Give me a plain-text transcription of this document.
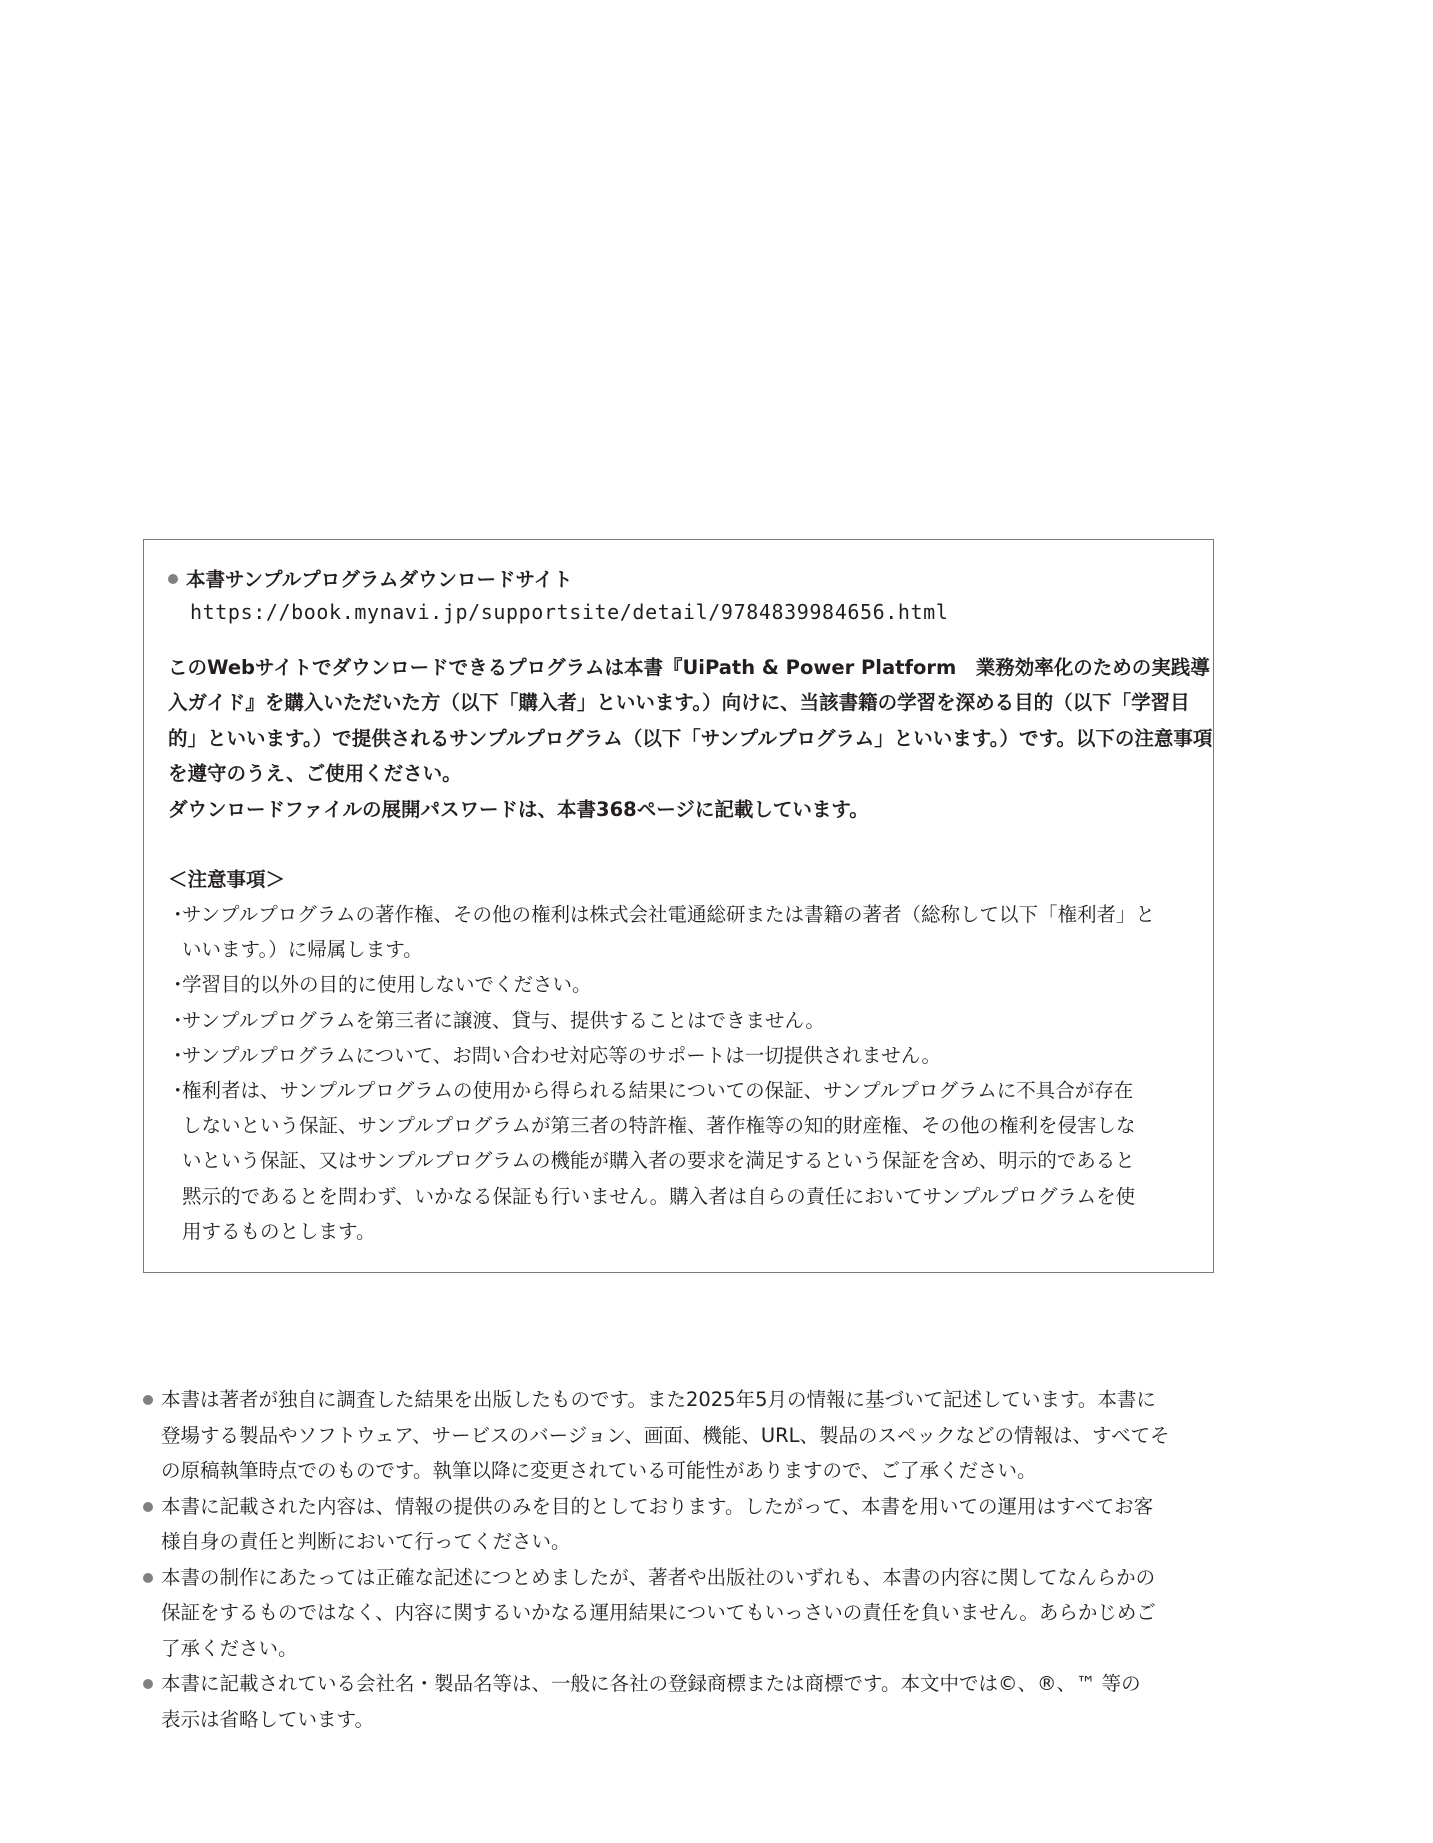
本書サンプルプログラムダウンロードサイト
https://book.mynavi.jp/supportsite/detail/9784839984656.html

このWebサイトでダウンロードできるプログラムは本書『UiPath & Power Platform　業務効率化のための実践導

入ガイド』を購入いただいた方（以下「購入者」といいます。）向けに、当該書籍の学習を深める目的（以下「学習目

的」といいます。）で提供されるサンプルプログラム（以下「サンプルプログラム」といいます。）です。以下の注意事項

を遵守のうえ、ご使用ください。

ダウンロードファイルの展開パスワードは、本書368ページに記載しています。

＜注意事項＞
・
サンプルプログラムの著作権、その他の権利は株式会社電通総研または書籍の著者（総称して以下「権利者」と
いいます。）に帰属します。
・
学習目的以外の目的に使用しないでください。
・
サンプルプログラムを第三者に譲渡、貸与、提供することはできません。
・
サンプルプログラムについて、お問い合わせ対応等のサポートは一切提供されません。
・
権利者は、サンプルプログラムの使用から得られる結果についての保証、サンプルプログラムに不具合が存在
しないという保証、サンプルプログラムが第三者の特許権、著作権等の知的財産権、その他の権利を侵害しな
いという保証、又はサンプルプログラムの機能が購入者の要求を満足するという保証を含め、明示的であると
黙示的であるとを問わず、いかなる保証も行いません。購入者は自らの責任においてサンプルプログラムを使
用するものとします。
本書は著者が独自に調査した結果を出版したものです。また2025年5月の情報に基づいて記述しています。本書に
登場する製品やソフトウェア、サービスのバージョン、画面、機能、URL、製品のスペックなどの情報は、すべてそ
の原稿執筆時点でのものです。執筆以降に変更されている可能性がありますので、ご了承ください。
本書に記載された内容は、情報の提供のみを目的としております。したがって、本書を用いての運用はすべてお客
様自身の責任と判断において行ってください。
本書の制作にあたっては正確な記述につとめましたが、著者や出版社のいずれも、本書の内容に関してなんらかの
保証をするものではなく、内容に関するいかなる運用結果についてもいっさいの責任を負いません。あらかじめご
了承ください。
本書に記載されている会社名・製品名等は、一般に各社の登録商標または商標です。本文中では©、®、™ 等の
表示は省略しています。
